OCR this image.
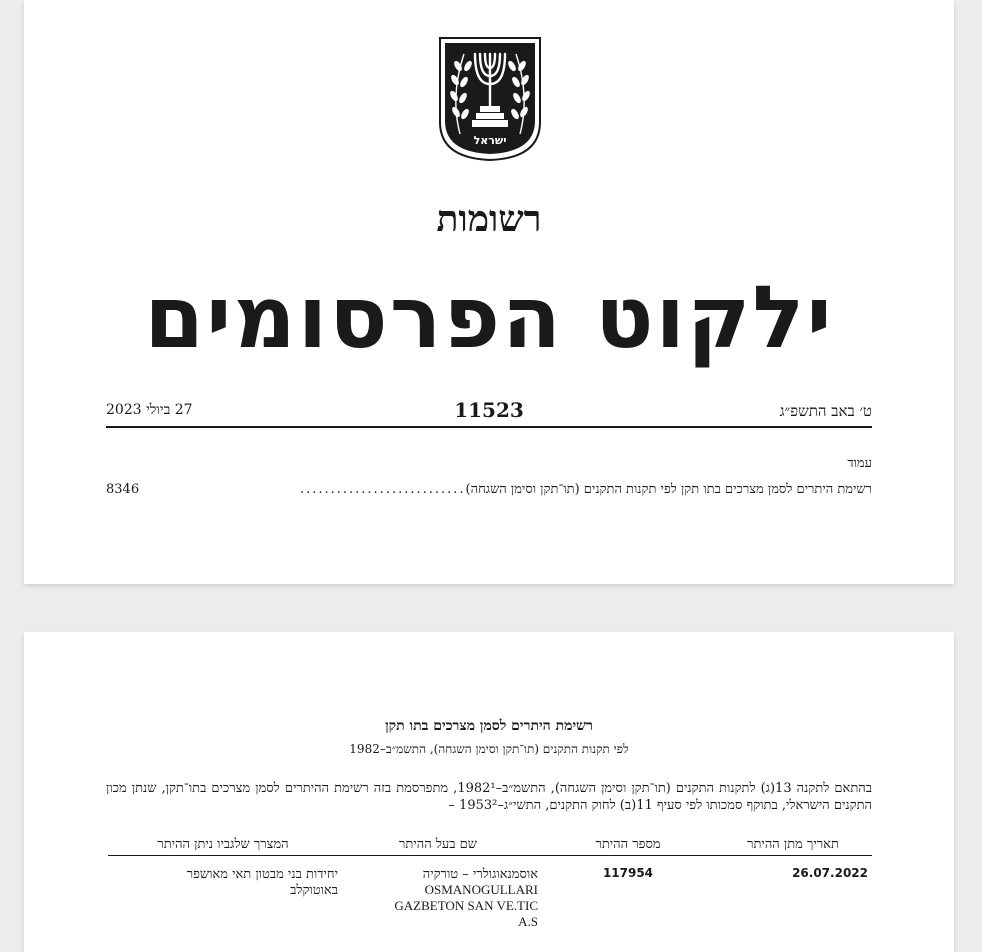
ישראל
רשומות
ילקוט הפרסומים
ט׳ באב התשפ״ג
11523
27 ביולי 2023
עמוד
רשימת היתרים לסמן מצרכים בתו תקן לפי תקנות התקנים (תו־תקן וסימן השגחה)
...........................
8346
רשימת היתרים לסמן מצרכים בתו תקן
לפי תקנות התקנים (תו־תקן וסימן השגחה), התשמ״ב–1982
בהתאם לתקנה 13(ג) לתקנות התקנים (תו־תקן וסימן השגחה), התשמ״ב–1982¹, מתפרסמת בזה רשימת ההיתרים לסמן מצרכים בתו־תקן, שנתן מכון התקנים הישראלי, בתוקף סמכותו לפי סעיף 11(ב) לחוק התקנים, התשי״ג–1953² –
תאריך מתן ההיתר
מספר ההיתר
שם בעל ההיתר
המצרך שלגביו ניתן ההיתר
26.07.2022
117954
אוסמנאוגולרי – טורקיה
OSMANOGULLARI
GAZBETON SAN VE.TIC
A.S
יחידות בני מבטון תאי מאושפר באוטוקלב
